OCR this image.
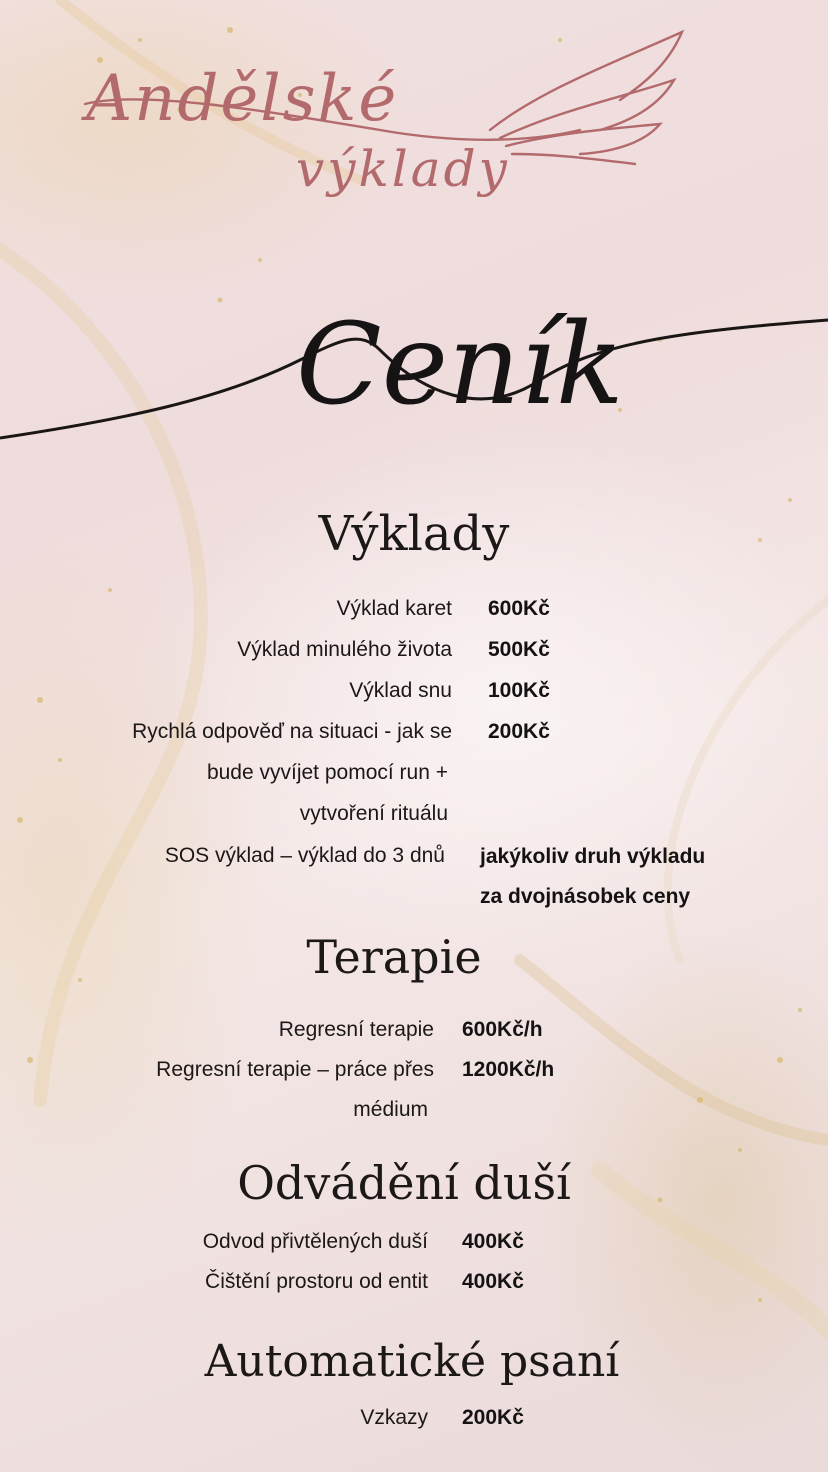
Andělské
výklady
Ceník
Výklady
Výklad karet 600Kč
Výklad minulého života 500Kč
Výklad snu 100Kč
Rychlá odpověď na situaci - jak se
bude vyvíjet pomocí run +
vytvoření rituálu
200Kč
SOS výklad – výklad do 3 dnů jakýkoliv druh výkladu
za dvojnásobek ceny
Terapie
Regresní terapie 600Kč/h
Regresní terapie – práce přes
médium
1200Kč/h
Odvádění duší
Odvod přivtělených duší 400Kč
Čištění prostoru od entit 400Kč
Automatické psaní
Vzkazy 200Kč
